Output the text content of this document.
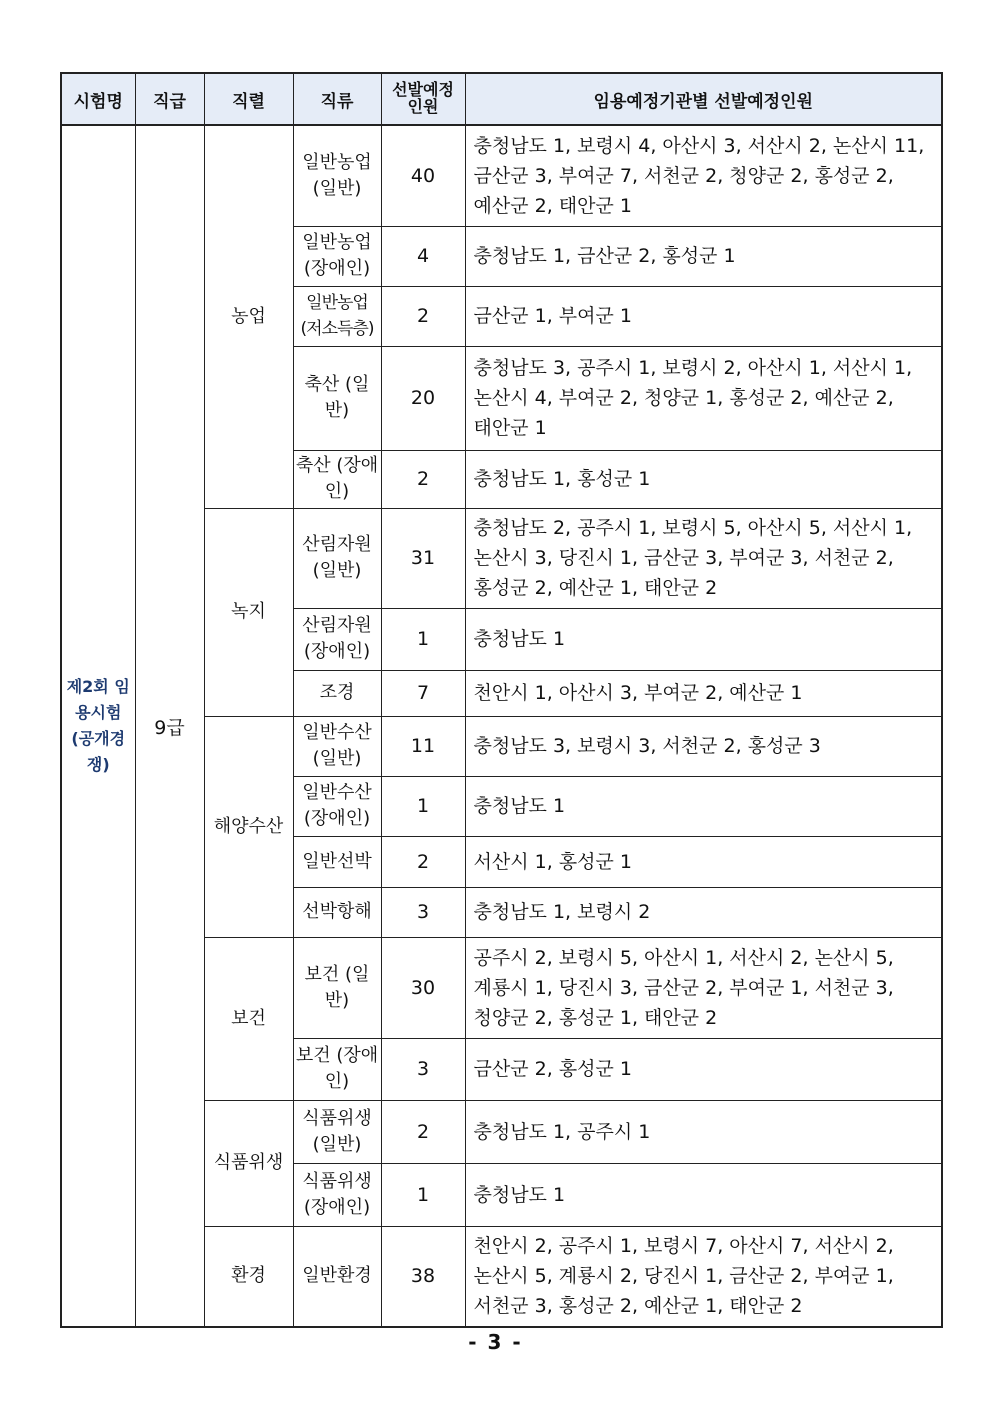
시험명	직급	직렬	직류	선발예정인원	임용예정기관별 선발예정인원
제2회 임용시험 (공개경쟁)	9급	농업	일반농업 (일반)	40	충청남도 1, 보령시 4, 아산시 3, 서산시 2, 논산시 11, 금산군 3, 부여군 7, 서천군 2, 청양군 2, 홍성군 2, 예산군 2, 태안군 1
			일반농업 (장애인)	4	충청남도 1, 금산군 2, 홍성군 1
			일반농업 (저소득층)	2	금산군 1, 부여군 1
			축산 (일반)	20	충청남도 3, 공주시 1, 보령시 2, 아산시 1, 서산시 1, 논산시 4, 부여군 2, 청양군 1, 홍성군 2, 예산군 2, 태안군 1
			축산 (장애인)	2	충청남도 1, 홍성군 1
		녹지	산림자원 (일반)	31	충청남도 2, 공주시 1, 보령시 5, 아산시 5, 서산시 1, 논산시 3, 당진시 1, 금산군 3, 부여군 3, 서천군 2, 홍성군 2, 예산군 1, 태안군 2
			산림자원 (장애인)	1	충청남도 1
			조경	7	천안시 1, 아산시 3, 부여군 2, 예산군 1
		해양수산	일반수산 (일반)	11	충청남도 3, 보령시 3, 서천군 2, 홍성군 3
			일반수산 (장애인)	1	충청남도 1
			일반선박	2	서산시 1, 홍성군 1
			선박항해	3	충청남도 1, 보령시 2
		보건	보건 (일반)	30	공주시 2, 보령시 5, 아산시 1, 서산시 2, 논산시 5, 계룡시 1, 당진시 3, 금산군 2, 부여군 1, 서천군 3, 청양군 2, 홍성군 1, 태안군 2
			보건 (장애인)	3	금산군 2, 홍성군 1
		식품위생	식품위생 (일반)	2	충청남도 1, 공주시 1
			식품위생 (장애인)	1	충청남도 1
		환경	일반환경	38	천안시 2, 공주시 1, 보령시 7, 아산시 7, 서산시 2, 논산시 5, 계룡시 2, 당진시 1, 금산군 2, 부여군 1, 서천군 3, 홍성군 2, 예산군 1, 태안군 2
- 3 -
